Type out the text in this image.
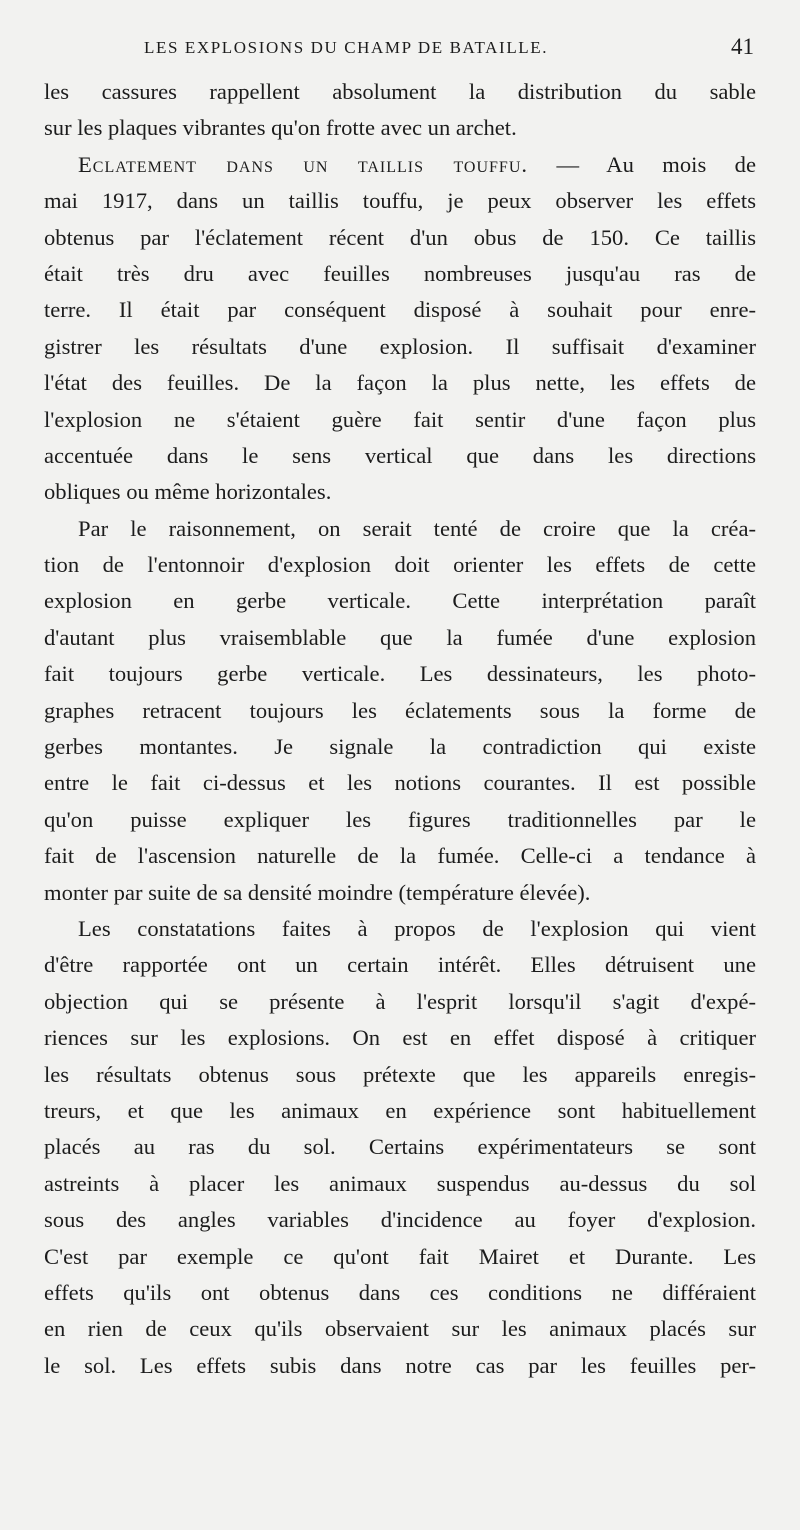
LES EXPLOSIONS DU CHAMP DE BATAILLE.	41
les cassures rappellent absolument la distribution du sable
sur les plaques vibrantes qu'on frotte avec un archet.
Eclatement dans un taillis touffu. — Au mois de
mai 1917, dans un taillis touffu, je peux observer les effets
obtenus par l'éclatement récent d'un obus de 150. Ce taillis
était très dru avec feuilles nombreuses jusqu'au ras de
terre. Il était par conséquent disposé à souhait pour enre-
gistrer les résultats d'une explosion. Il suffisait d'examiner
l'état des feuilles. De la façon la plus nette, les effets de
l'explosion ne s'étaient guère fait sentir d'une façon plus
accentuée dans le sens vertical que dans les directions
obliques ou même horizontales.
Par le raisonnement, on serait tenté de croire que la créa-
tion de l'entonnoir d'explosion doit orienter les effets de cette
explosion en gerbe verticale. Cette interprétation paraît
d'autant plus vraisemblable que la fumée d'une explosion
fait toujours gerbe verticale. Les dessinateurs, les photo-
graphes retracent toujours les éclatements sous la forme de
gerbes montantes. Je signale la contradiction qui existe
entre le fait ci-dessus et les notions courantes. Il est possible
qu'on puisse expliquer les figures traditionnelles par le
fait de l'ascension naturelle de la fumée. Celle-ci a tendance à
monter par suite de sa densité moindre (température élevée).
Les constatations faites à propos de l'explosion qui vient
d'être rapportée ont un certain intérêt. Elles détruisent une
objection qui se présente à l'esprit lorsqu'il s'agit d'expé-
riences sur les explosions. On est en effet disposé à critiquer
les résultats obtenus sous prétexte que les appareils enregis-
treurs, et que les animaux en expérience sont habituellement
placés au ras du sol. Certains expérimentateurs se sont
astreints à placer les animaux suspendus au-dessus du sol
sous des angles variables d'incidence au foyer d'explosion.
C'est par exemple ce qu'ont fait Mairet et Durante. Les
effets qu'ils ont obtenus dans ces conditions ne différaient
en rien de ceux qu'ils observaient sur les animaux placés sur
le sol. Les effets subis dans notre cas par les feuilles per-
